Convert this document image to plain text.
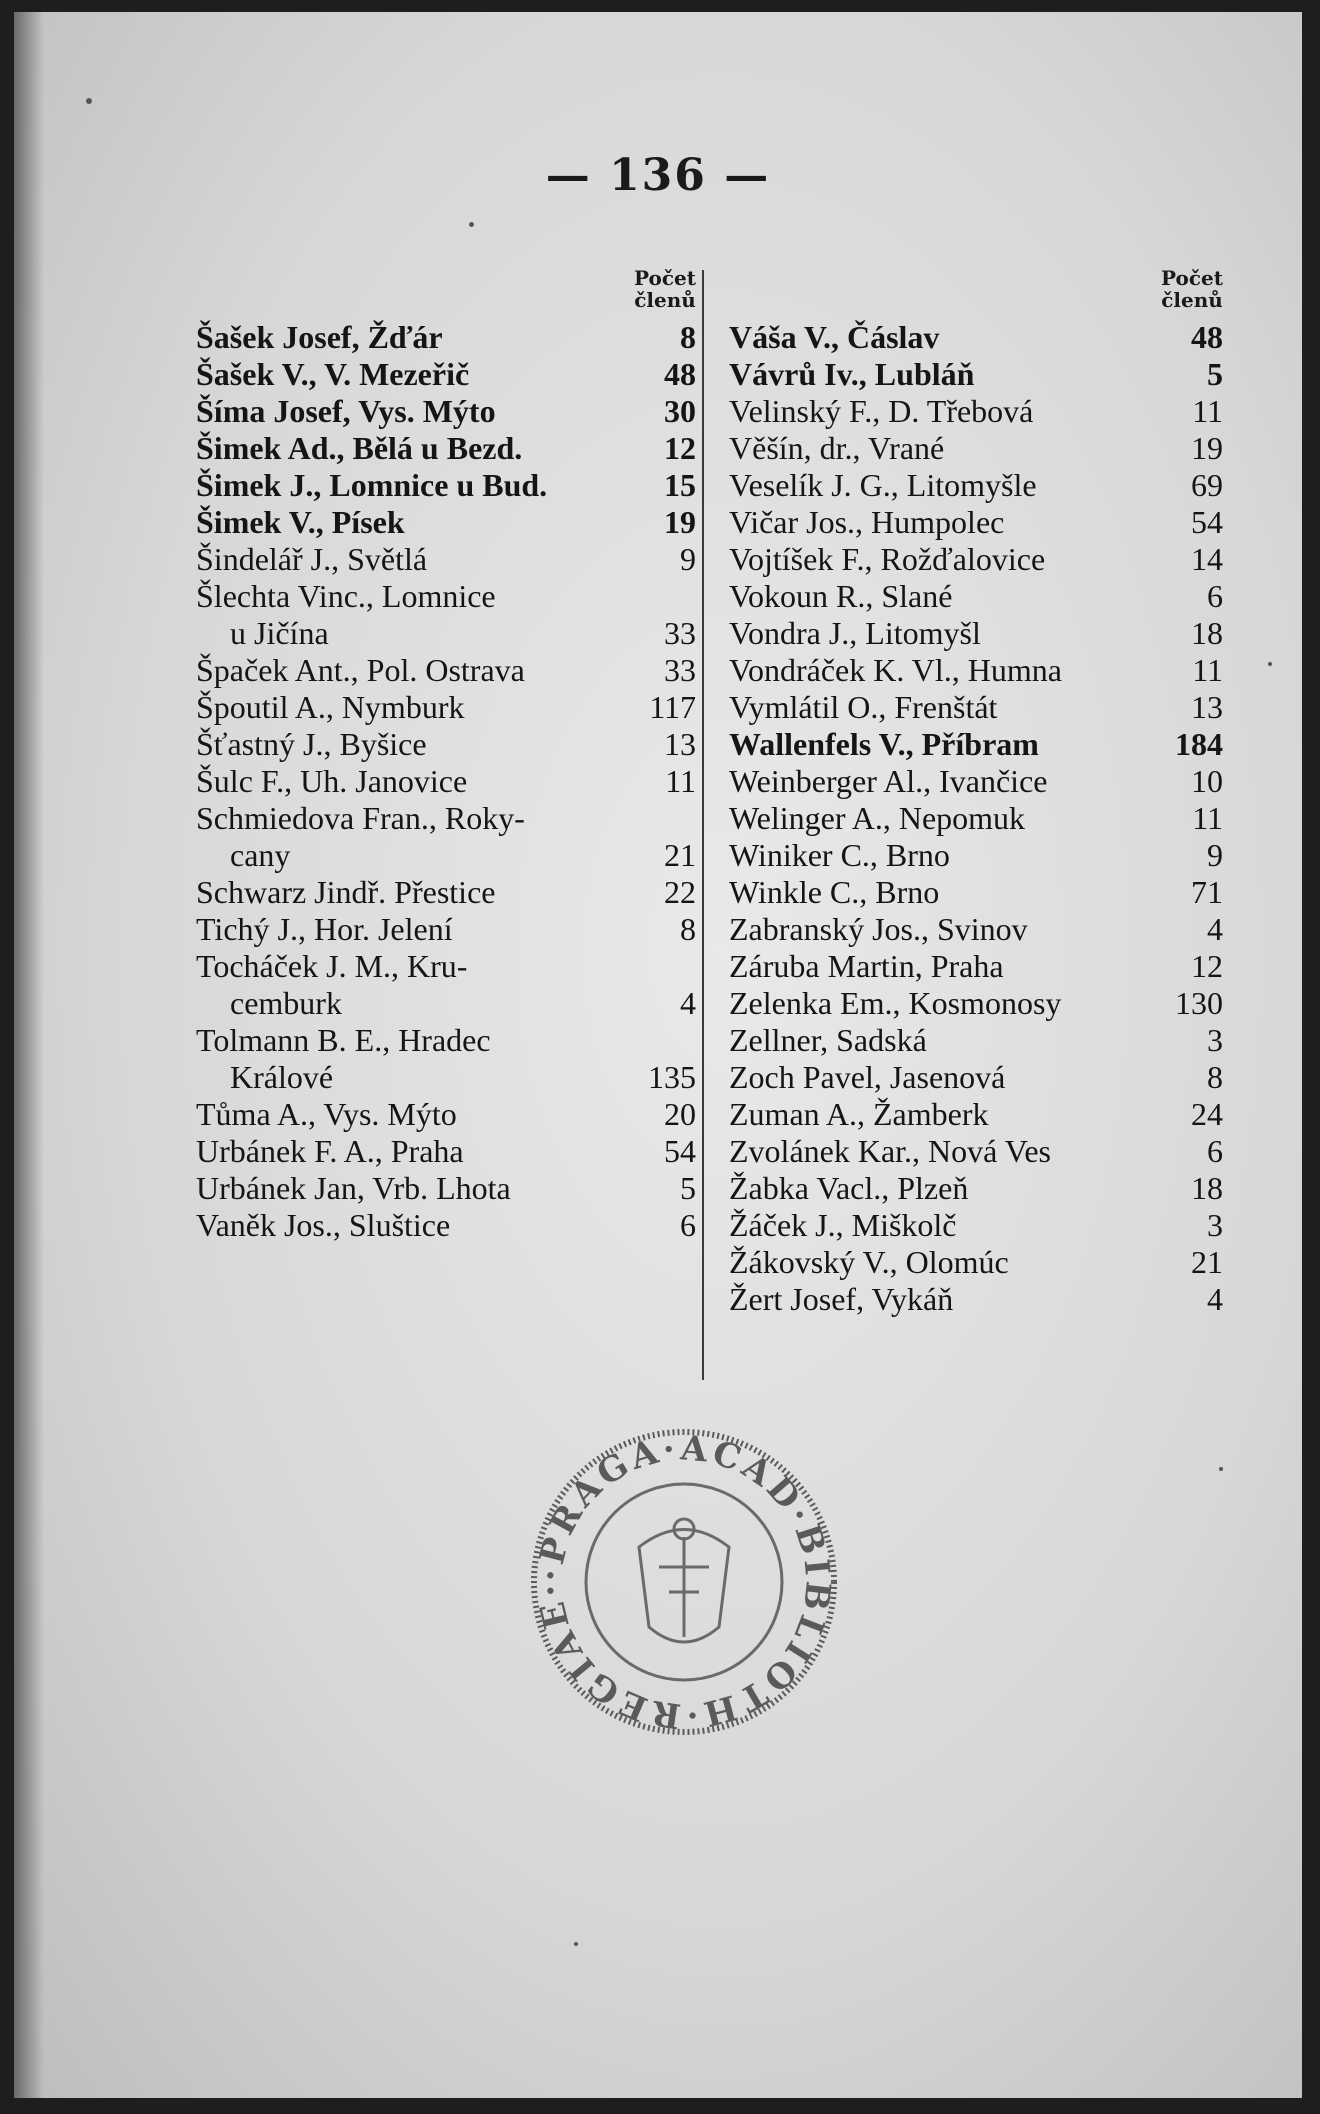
— 136 —
Počet
členů
Šašek Josef, Žďár	8
Šašek V., V. Mezeřič	48
Šíma Josef, Vys. Mýto	30
Šimek Ad., Bělá u Bezd.	12
Šimek J., Lomnice u Bud.	15
Šimek V., Písek	19
Šindelář J., Světlá	9
Šlechta Vinc., Lomnice
u Jičína	33
Špaček Ant., Pol. Ostrava	33
Špoutil A., Nymburk	117
Šťastný J., Byšice	13
Šulc F., Uh. Janovice	11
Schmiedova Fran., Roky-
cany	21
Schwarz Jindř. Přestice	22
Tichý J., Hor. Jelení	8
Tocháček J. M., Kru-
cemburk	4
Tolmann B. E., Hradec
Králové	135
Tůma A., Vys. Mýto	20
Urbánek F. A., Praha	54
Urbánek Jan, Vrb. Lhota	5
Vaněk Jos., Sluštice	6
Počet
členů
Váša V., Čáslav	48
Vávrů Iv., Lubláň	5
Velinský F., D. Třebová	11
Věšín, dr., Vrané	19
Veselík J. G., Litomyšle	69
Vičar Jos., Humpolec	54
Vojtíšek F., Rožďalovice	14
Vokoun R., Slané	6
Vondra J., Litomyšl	18
Vondráček K. Vl., Humna	11
Vymlátil O., Frenštát	13
Wallenfels V., Příbram	184
Weinberger Al., Ivančice	10
Welinger A., Nepomuk	11
Winiker C., Brno	9
Winkle C., Brno	71
Zabranský Jos., Svinov	4
Záruba Martin, Praha	12
Zelenka Em., Kosmonosy	130
Zellner, Sadská	3
Zoch Pavel, Jasenová	8
Zuman A., Žamberk	24
Zvolánek Kar., Nová Ves	6
Žabka Vacl., Plzeň	18
Žáček J., Miškolč	3
Žákovský V., Olomúc	21
Žert Josef, Vykáň	4
·PRAGA·ACAD·BIBLIOTH·REGIAE·
